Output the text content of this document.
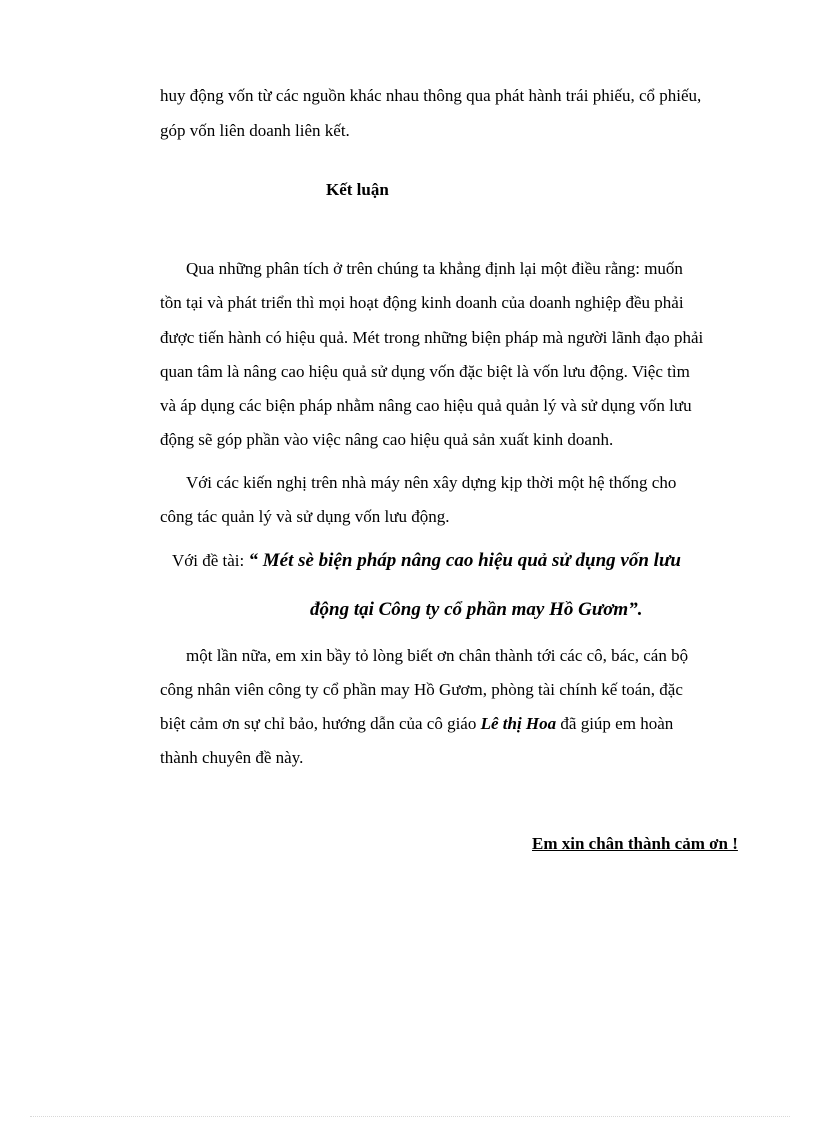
huy động vốn từ các nguồn khác nhau thông qua phát hành trái phiếu, cổ phiếu,
góp vốn liên doanh liên kết.
Kết luận
Qua những phân tích ở trên chúng ta khẳng định lại một điều rằng: muốn
tồn tại và phát triển thì mọi hoạt động kinh doanh của doanh nghiệp đều phải
được tiến hành có hiệu quả. Mét trong những biện pháp mà người lãnh đạo phải
quan tâm là nâng cao hiệu quả sử dụng vốn đặc biệt là vốn lưu động. Việc tìm
và áp dụng các biện pháp nhằm nâng cao hiệu quả quản lý và sử dụng vốn lưu
động sẽ góp phần vào việc nâng cao hiệu quả sản xuất kinh doanh.
Với các kiến nghị trên nhà máy nên xây dựng kịp thời một hệ thống cho
công tác quản lý và sử dụng vốn lưu động.
Với đề tài: “ Mét sè biện pháp nâng cao hiệu quả sử dụng vốn lưu
động tại Công ty cổ phần may Hồ Gươm”.
một lần nữa, em xin bầy tỏ lòng biết ơn chân thành tới các cô, bác, cán bộ
công nhân viên công ty cổ phần may Hồ Gươm, phòng tài chính kế toán, đặc
biệt cảm ơn sự chỉ bảo, hướng dẫn của cô giáo Lê thị Hoa đã giúp em hoàn
thành chuyên đề này.
Em xin chân thành cảm ơn !
